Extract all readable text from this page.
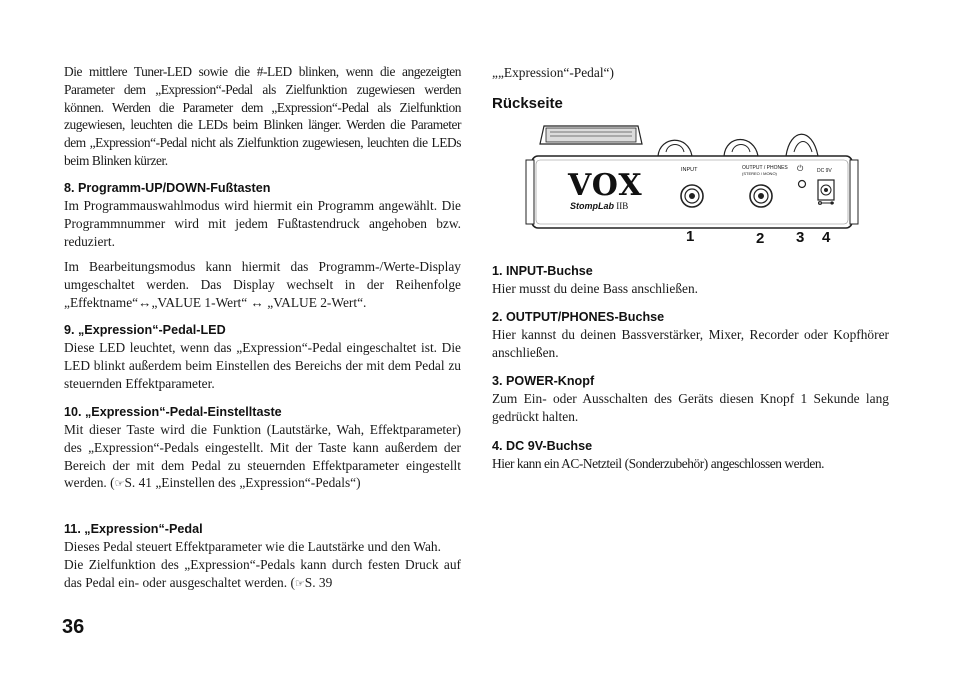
Die mittlere Tuner-LED sowie die #-LED blinken, wenn die angezeigten Parameter dem „Expression“-Pedal als Zielfunktion zugewiesen werden können. Werden die Parameter dem „Expression“-Pedal als Zielfunktion zugewiesen, leuchten die LEDs beim Blinken länger. Werden die Parameter dem „Expression“-Pedal nicht als Zielfunktion zugewiesen, leuchten die LEDs beim Blinken kürzer.

8. Programm-UP/DOWN-Fußtasten

Im Programmauswahlmodus wird hiermit ein Programm angewählt. Die Programmnummer wird mit jedem Fußtastendruck angehoben bzw. reduziert.

Im Bearbeitungsmodus kann hiermit das Programm-/Werte-Display umgeschaltet werden. Das Display wechselt in der Reihenfolge „Effektname“↔„VALUE 1-Wert“ ↔ „VALUE 2-Wert“.

9. „Expression“-Pedal-LED

Diese LED leuchtet, wenn das „Expression“-Pedal eingeschaltet ist. Die LED blinkt außerdem beim Einstellen des Bereichs der mit dem Pedal zu steuernden Effektparameter.

10. „Expression“-Pedal-Einstelltaste

Mit dieser Taste wird die Funktion (Lautstärke, Wah, Effektparameter) des „Expression“-Pedals eingestellt. Mit der Taste kann außerdem der Bereich der mit dem Pedal zu steuernden Effektparameter eingestellt werden. (☞S. 41 „Einstellen des „Expression“-Pedals“)

11. „Expression“-Pedal

Dieses Pedal steuert Effektparameter wie die Lautstärke und den Wah.

Die Zielfunktion des „Expression“-Pedals kann durch festen Druck auf das Pedal ein- oder ausgeschaltet werden. (☞S. 39

36

„„Expression“-Pedal“)

Rückseite
VOX
StompLab IIB
INPUT	OUTPUT / PHONES
(STEREO / MONO)
⏻	DC 9V
1	2 3 4
1. INPUT-Buchse

Hier musst du deine Bass anschließen.

2. OUTPUT/PHONES-Buchse

Hier kannst du deinen Bassverstärker, Mixer, Recorder oder Kopfhörer anschließen.

3. POWER-Knopf

Zum Ein- oder Ausschalten des Geräts diesen Knopf 1 Sekunde lang gedrückt halten.

4. DC 9V-Buchse

Hier kann ein AC-Netzteil (Sonderzubehör) angeschlossen werden.
